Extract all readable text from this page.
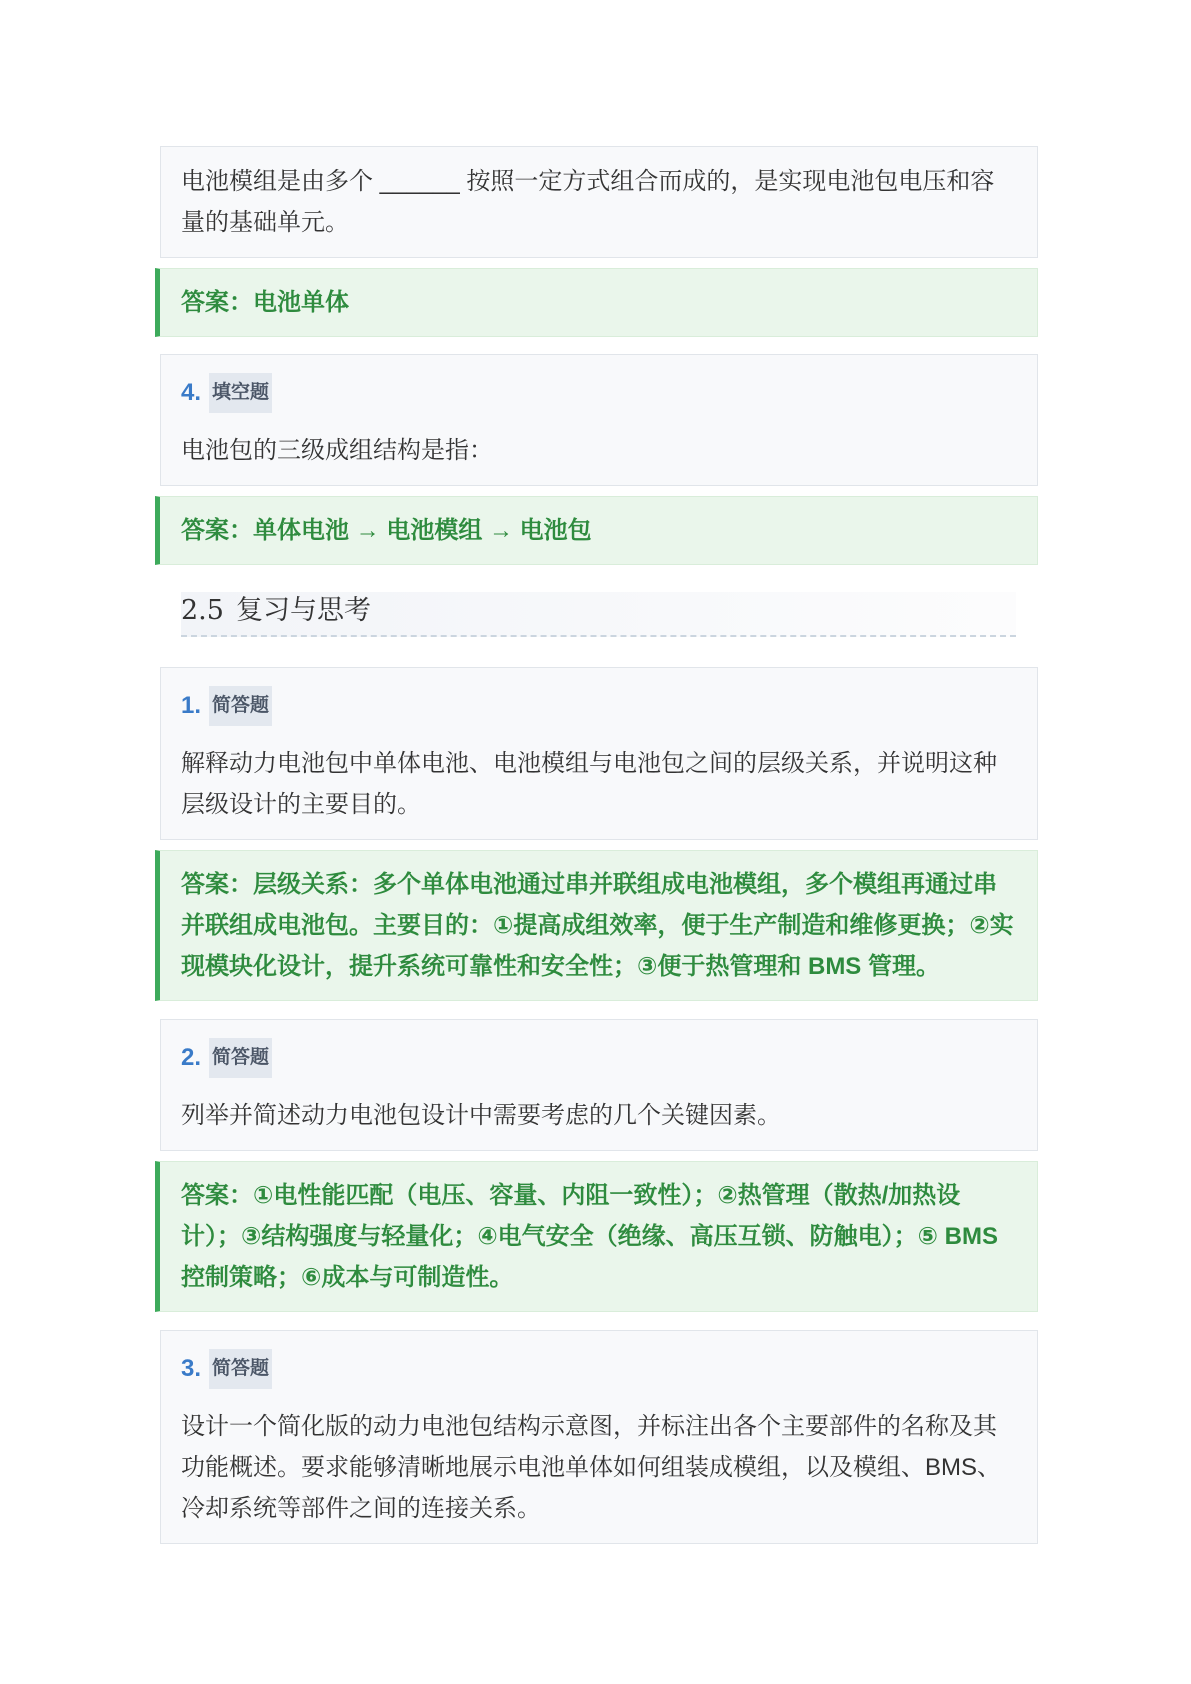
电池模组是由多个 ______ 按照一定方式组合而成的，是实现电池包电压和容量的基础单元。
答案：电池单体
4. 填空题
电池包的三级成组结构是指：
答案：单体电池 → 电池模组 → 电池包
2.5 复习与思考
1. 简答题
解释动力电池包中单体电池、电池模组与电池包之间的层级关系，并说明这种层级设计的主要目的。
答案：层级关系：多个单体电池通过串并联组成电池模组，多个模组再通过串并联组成电池包。主要目的：①提高成组效率，便于生产制造和维修更换；②实现模块化设计，提升系统可靠性和安全性；③便于热管理和 BMS 管理。
2. 简答题
列举并简述动力电池包设计中需要考虑的几个关键因素。
答案：①电性能匹配（电压、容量、内阻一致性）；②热管理（散热/加热设计）；③结构强度与轻量化；④电气安全（绝缘、高压互锁、防触电）；⑤ BMS 控制策略；⑥成本与可制造性。
3. 简答题
设计一个简化版的动力电池包结构示意图，并标注出各个主要部件的名称及其功能概述。要求能够清晰地展示电池单体如何组装成模组，以及模组、BMS、冷却系统等部件之间的连接关系。
